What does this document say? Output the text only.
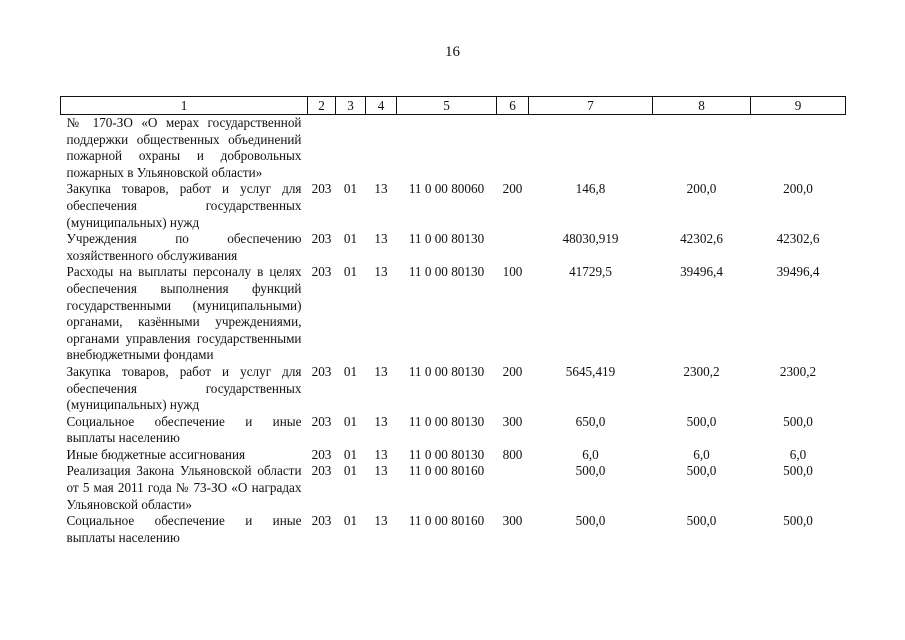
16
1	2	3	4	5	6	7	8	9
№ 170-ЗО «О мерах государственной поддержки общественных объединений пожарной охраны и добровольных пожарных в Ульяновской области»								
Закупка товаров, работ и услуг для обеспечения государственных (муниципальных) нужд	203	01	13	11 0 00 80060	200	146,8	200,0	200,0
Учреждения по обеспечению хозяйственного обслуживания	203	01	13	11 0 00 80130		48030,919	42302,6	42302,6
Расходы на выплаты персоналу в целях обеспечения выполнения функций государственными (муниципальными) органами, казёнными учреждениями, органами управления государственными внебюджетными фондами	203	01	13	11 0 00 80130	100	41729,5	39496,4	39496,4
Закупка товаров, работ и услуг для обеспечения государственных (муниципальных) нужд	203	01	13	11 0 00 80130	200	5645,419	2300,2	2300,2
Социальное обеспечение и иные выплаты населению	203	01	13	11 0 00 80130	300	650,0	500,0	500,0
Иные бюджетные ассигнования	203	01	13	11 0 00 80130	800	6,0	6,0	6,0
Реализация Закона Ульяновской области от 5 мая 2011 года № 73-ЗО «О наградах Ульяновской области»	203	01	13	11 0 00 80160		500,0	500,0	500,0
Социальное обеспечение и иные выплаты населению	203	01	13	11 0 00 80160	300	500,0	500,0	500,0
